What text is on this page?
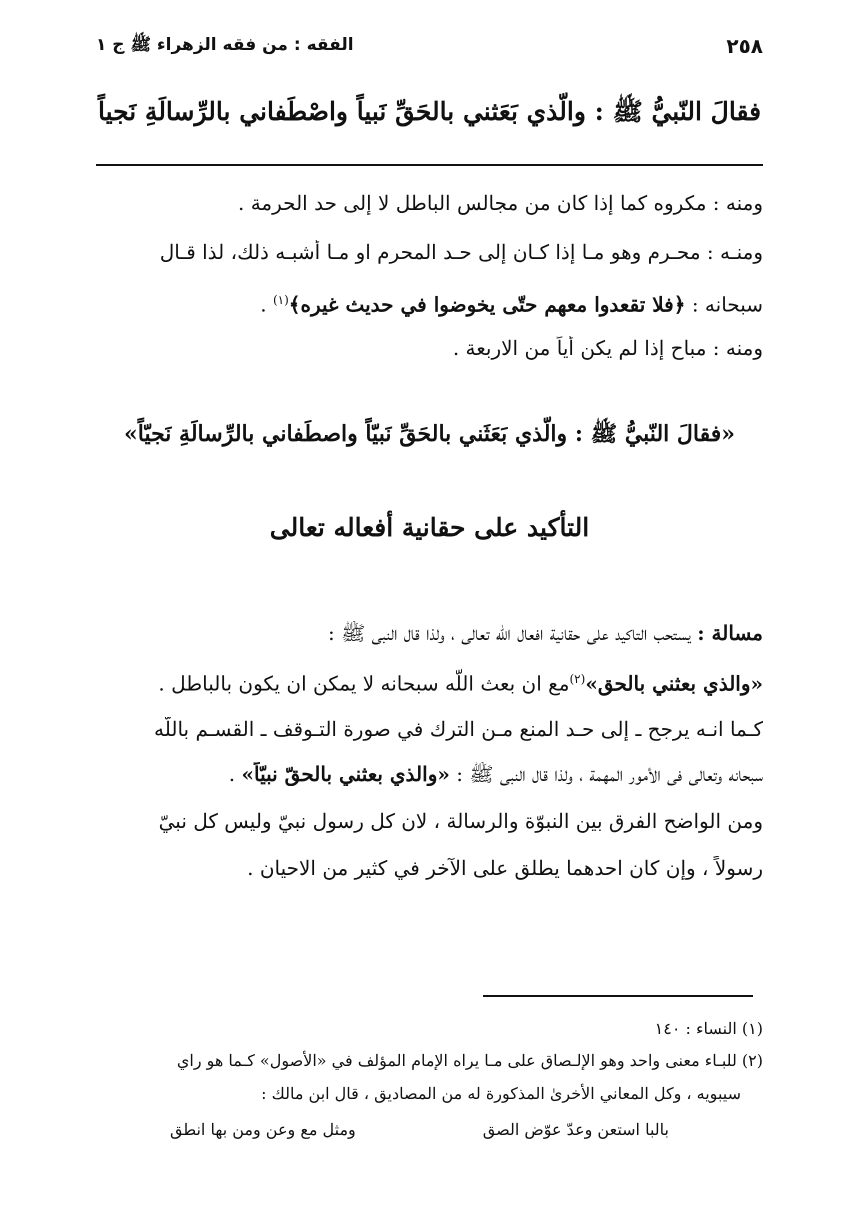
٢٥٨
الفقه : من فقه الزهراء ﷺ ج ١
فقالَ النّبيُّ ﷺ : والّذي بَعَثني بالحَقِّ نَبياً واصْطَفاني بالرِّسالَةِ نَجياً
ومنه : مكروه كما إذا كان من مجالس الباطل لا إلى حد الحرمة .
ومنـه : محـرم وهو مـا إذا كـان إلى حـد المحرم او مـا أشبـه ذلك، لذا قـال
سبحانه : ﴿فلا تقعدوا معهم حتّى يخوضوا في حديث غيره﴾$^{(١)}$ .
ومنه : مباح إذا لم يكن أياً من الاربعة .
«فقالَ النّبيُّ ﷺ : والّذي بَعَثَني بالحَقِّ نَبيّاً واصطَفاني بالرِّسالَةِ نَجيّاً»
التأكيد على حقانية أفعاله تعالى
مسالة : يستحب التاكيد على حقانية افعال اللّه تعالى ، ولذا قال النبي ﷺ :
«والذي بعثني بالحق»$^{(٢)}$مع ان بعث اللّه سبحانه لا يمكن ان يكون بالباطل .
كـما انـه يرجح ـ إلى حـد المنع مـن الترك في صورة التـوقف ـ القسـم باللّه
سبحانه وتعالى في الأمور المهمة ، ولذا قال النبي ﷺ : «والذي بعثني بالحقّ نبيّاً» .
ومن الواضح الفرق بين النبوّة والرسالة ، لان كل رسول نبيّ وليس كل نبيّ
رسولاً ، وإن كان احدهما يطلق على الآخر في كثير من الاحيان .
(١) النساء : ١٤٠
(٢) للبـاء معنى واحد وهو الإلـصاق على مـا يراه الإمام المؤلف في «الأصول» كـما هو راي
سيبويه ، وكل المعاني الأخرىٰ المذكورة له من المصاديق ، قال ابن مالك :
بالبا استعن وعدّ عوّض الصق
ومثل مع وعن ومن بها انطق
